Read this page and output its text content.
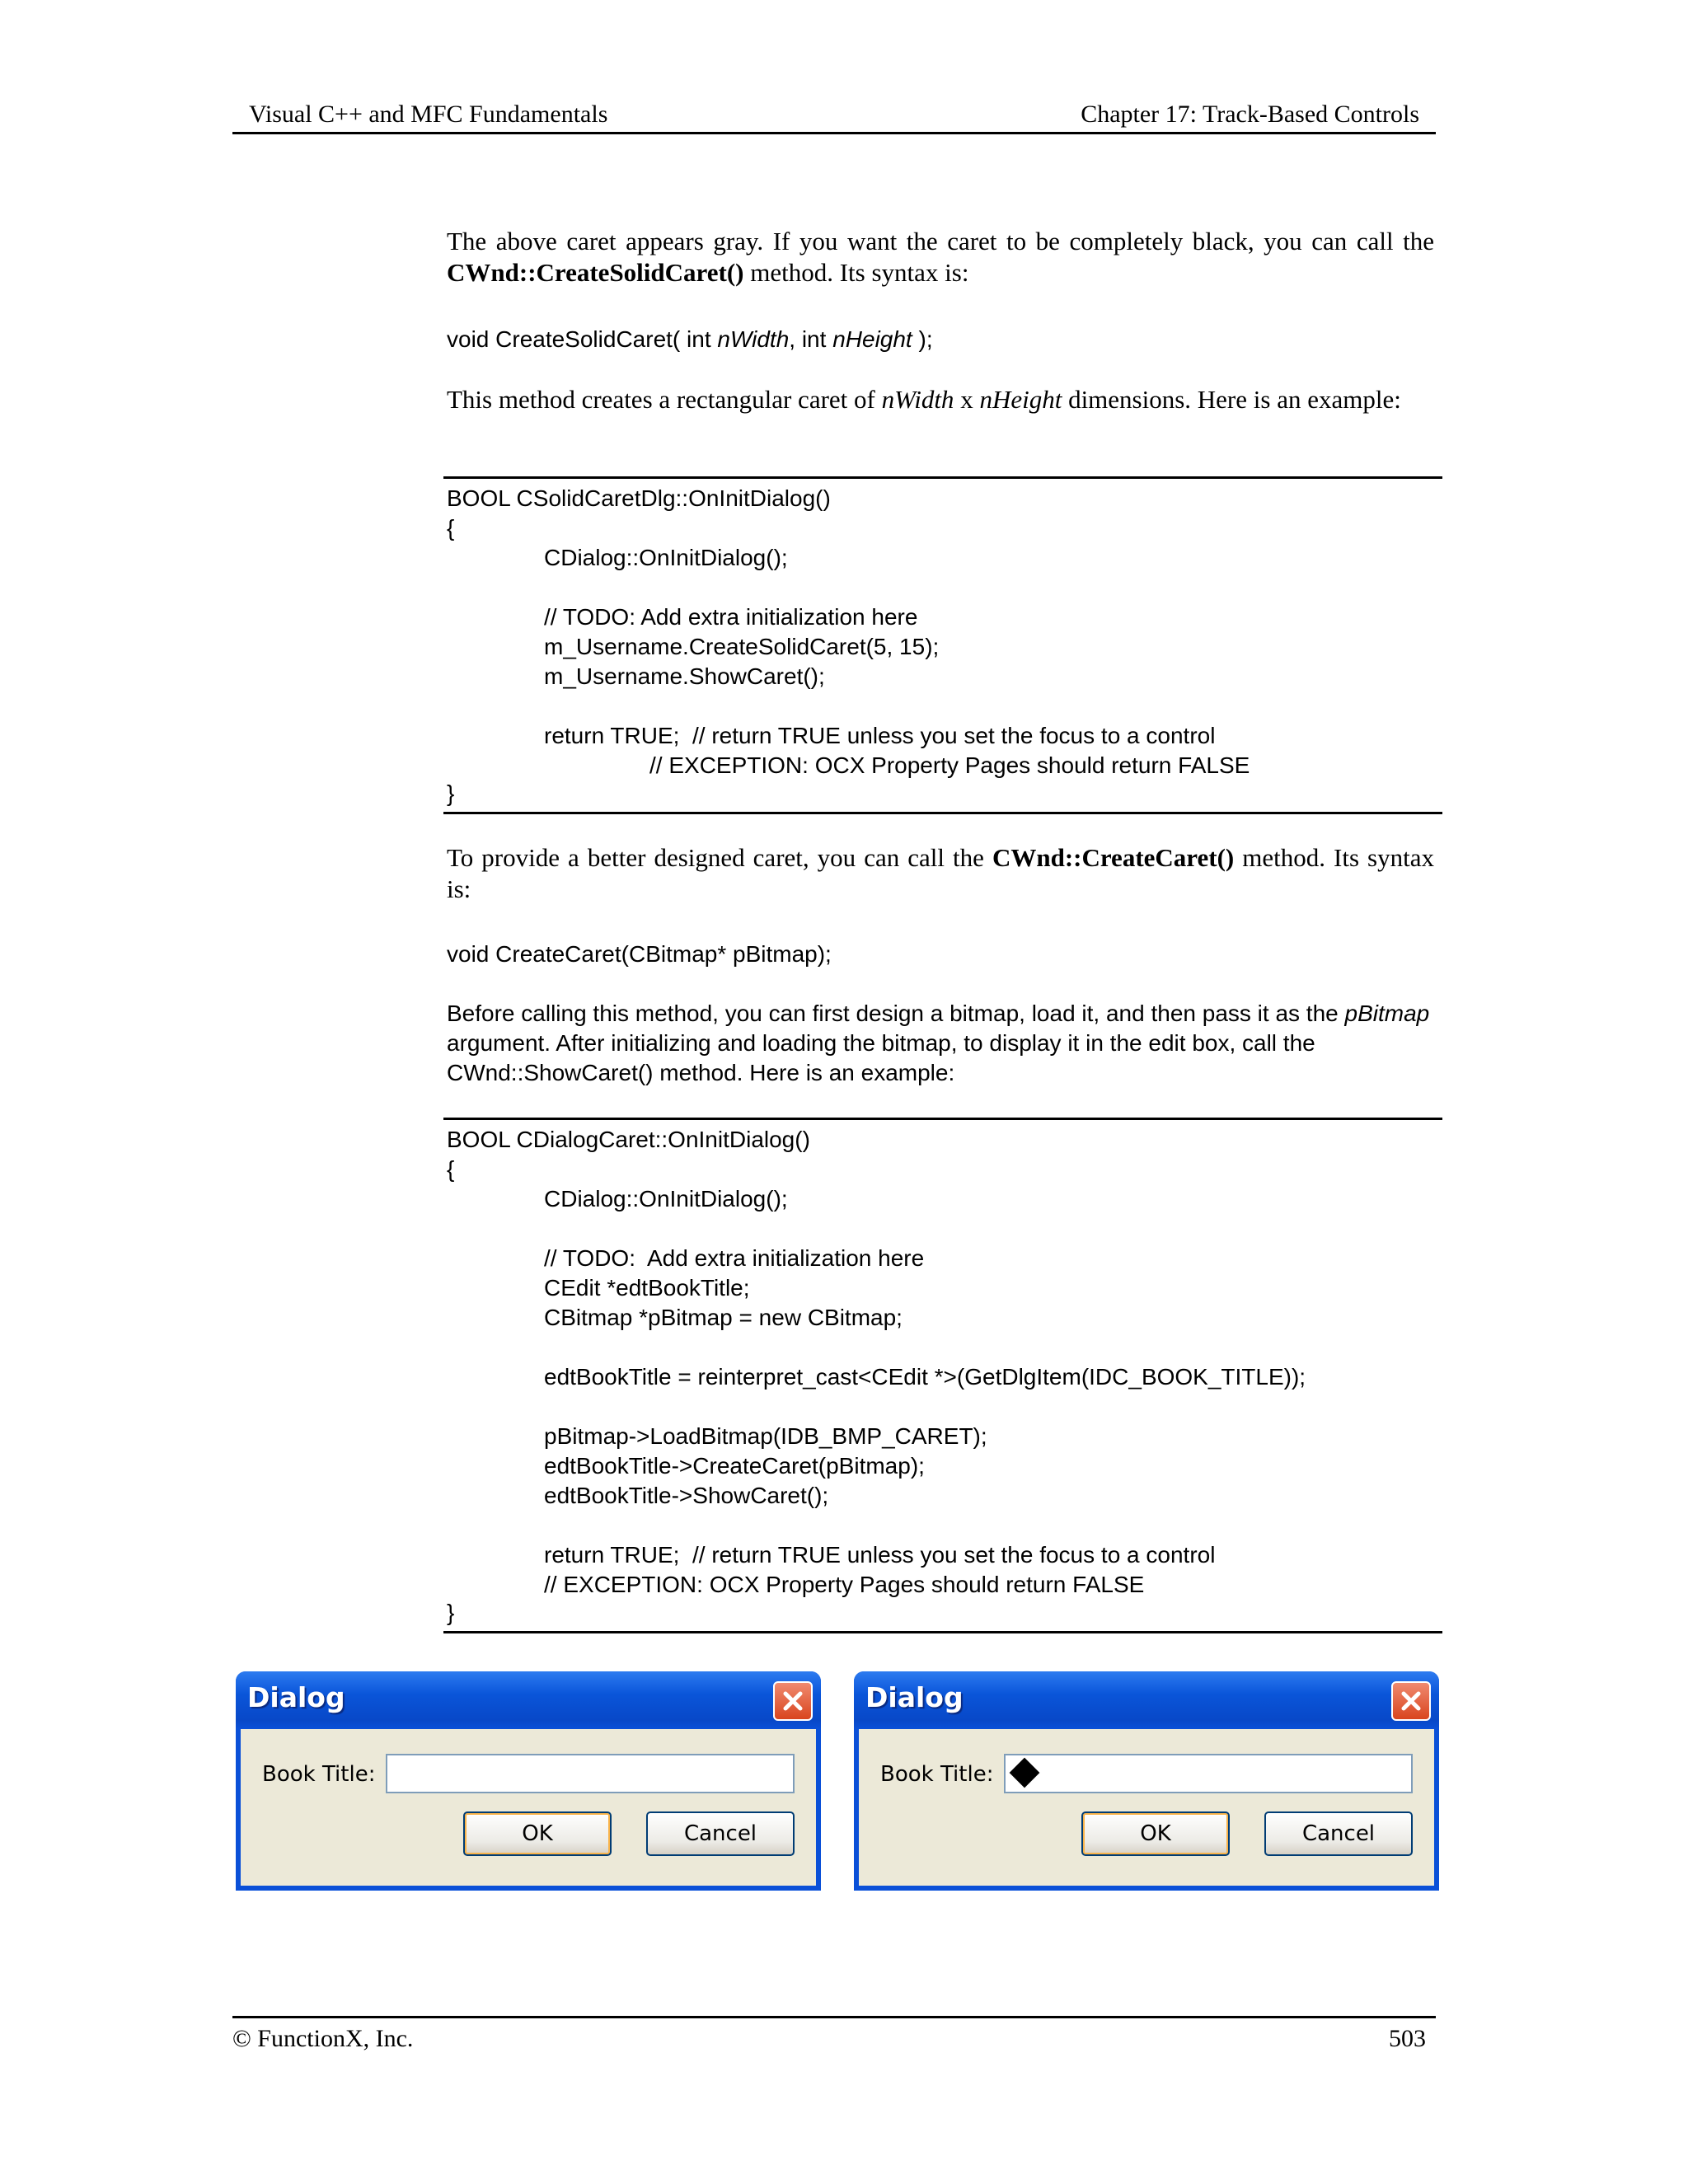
Visual C++ and MFC Fundamentals	Chapter 17: Track-Based Controls

The above caret appears gray. If you want the caret to be completely black, you can call the CWnd::CreateSolidCaret() method. Its syntax is:

void CreateSolidCaret( int nWidth, int nHeight );

This method creates a rectangular caret of nWidth x nHeight dimensions. Here is an example:

BOOL CSolidCaretDlg::OnInitDialog()
{
CDialog::OnInitDialog();
// TODO: Add extra initialization here
m_Username.CreateSolidCaret(5, 15);
m_Username.ShowCaret();
return TRUE;  // return TRUE unless you set the focus to a control
// EXCEPTION: OCX Property Pages should return FALSE
}

To provide a better designed caret, you can call the CWnd::CreateCaret() method. Its syntax is:

void CreateCaret(CBitmap* pBitmap);

Before calling this method, you can first design a bitmap, load it, and then pass it as the pBitmap argument. After initializing and loading the bitmap, to display it in the edit box, call the CWnd::ShowCaret() method. Here is an example:

BOOL CDialogCaret::OnInitDialog()
{
CDialog::OnInitDialog();
// TODO:  Add extra initialization here
CEdit *edtBookTitle;
CBitmap *pBitmap = new CBitmap;
edtBookTitle = reinterpret_cast<CEdit *>(GetDlgItem(IDC_BOOK_TITLE));
pBitmap->LoadBitmap(IDB_BMP_CARET);
edtBookTitle->CreateCaret(pBitmap);
edtBookTitle->ShowCaret();
return TRUE;  // return TRUE unless you set the focus to a control
// EXCEPTION: OCX Property Pages should return FALSE
}
Dialog
Book Title:
OK	Cancel
Dialog
Book Title:
OK	Cancel
© FunctionX, Inc.	503
